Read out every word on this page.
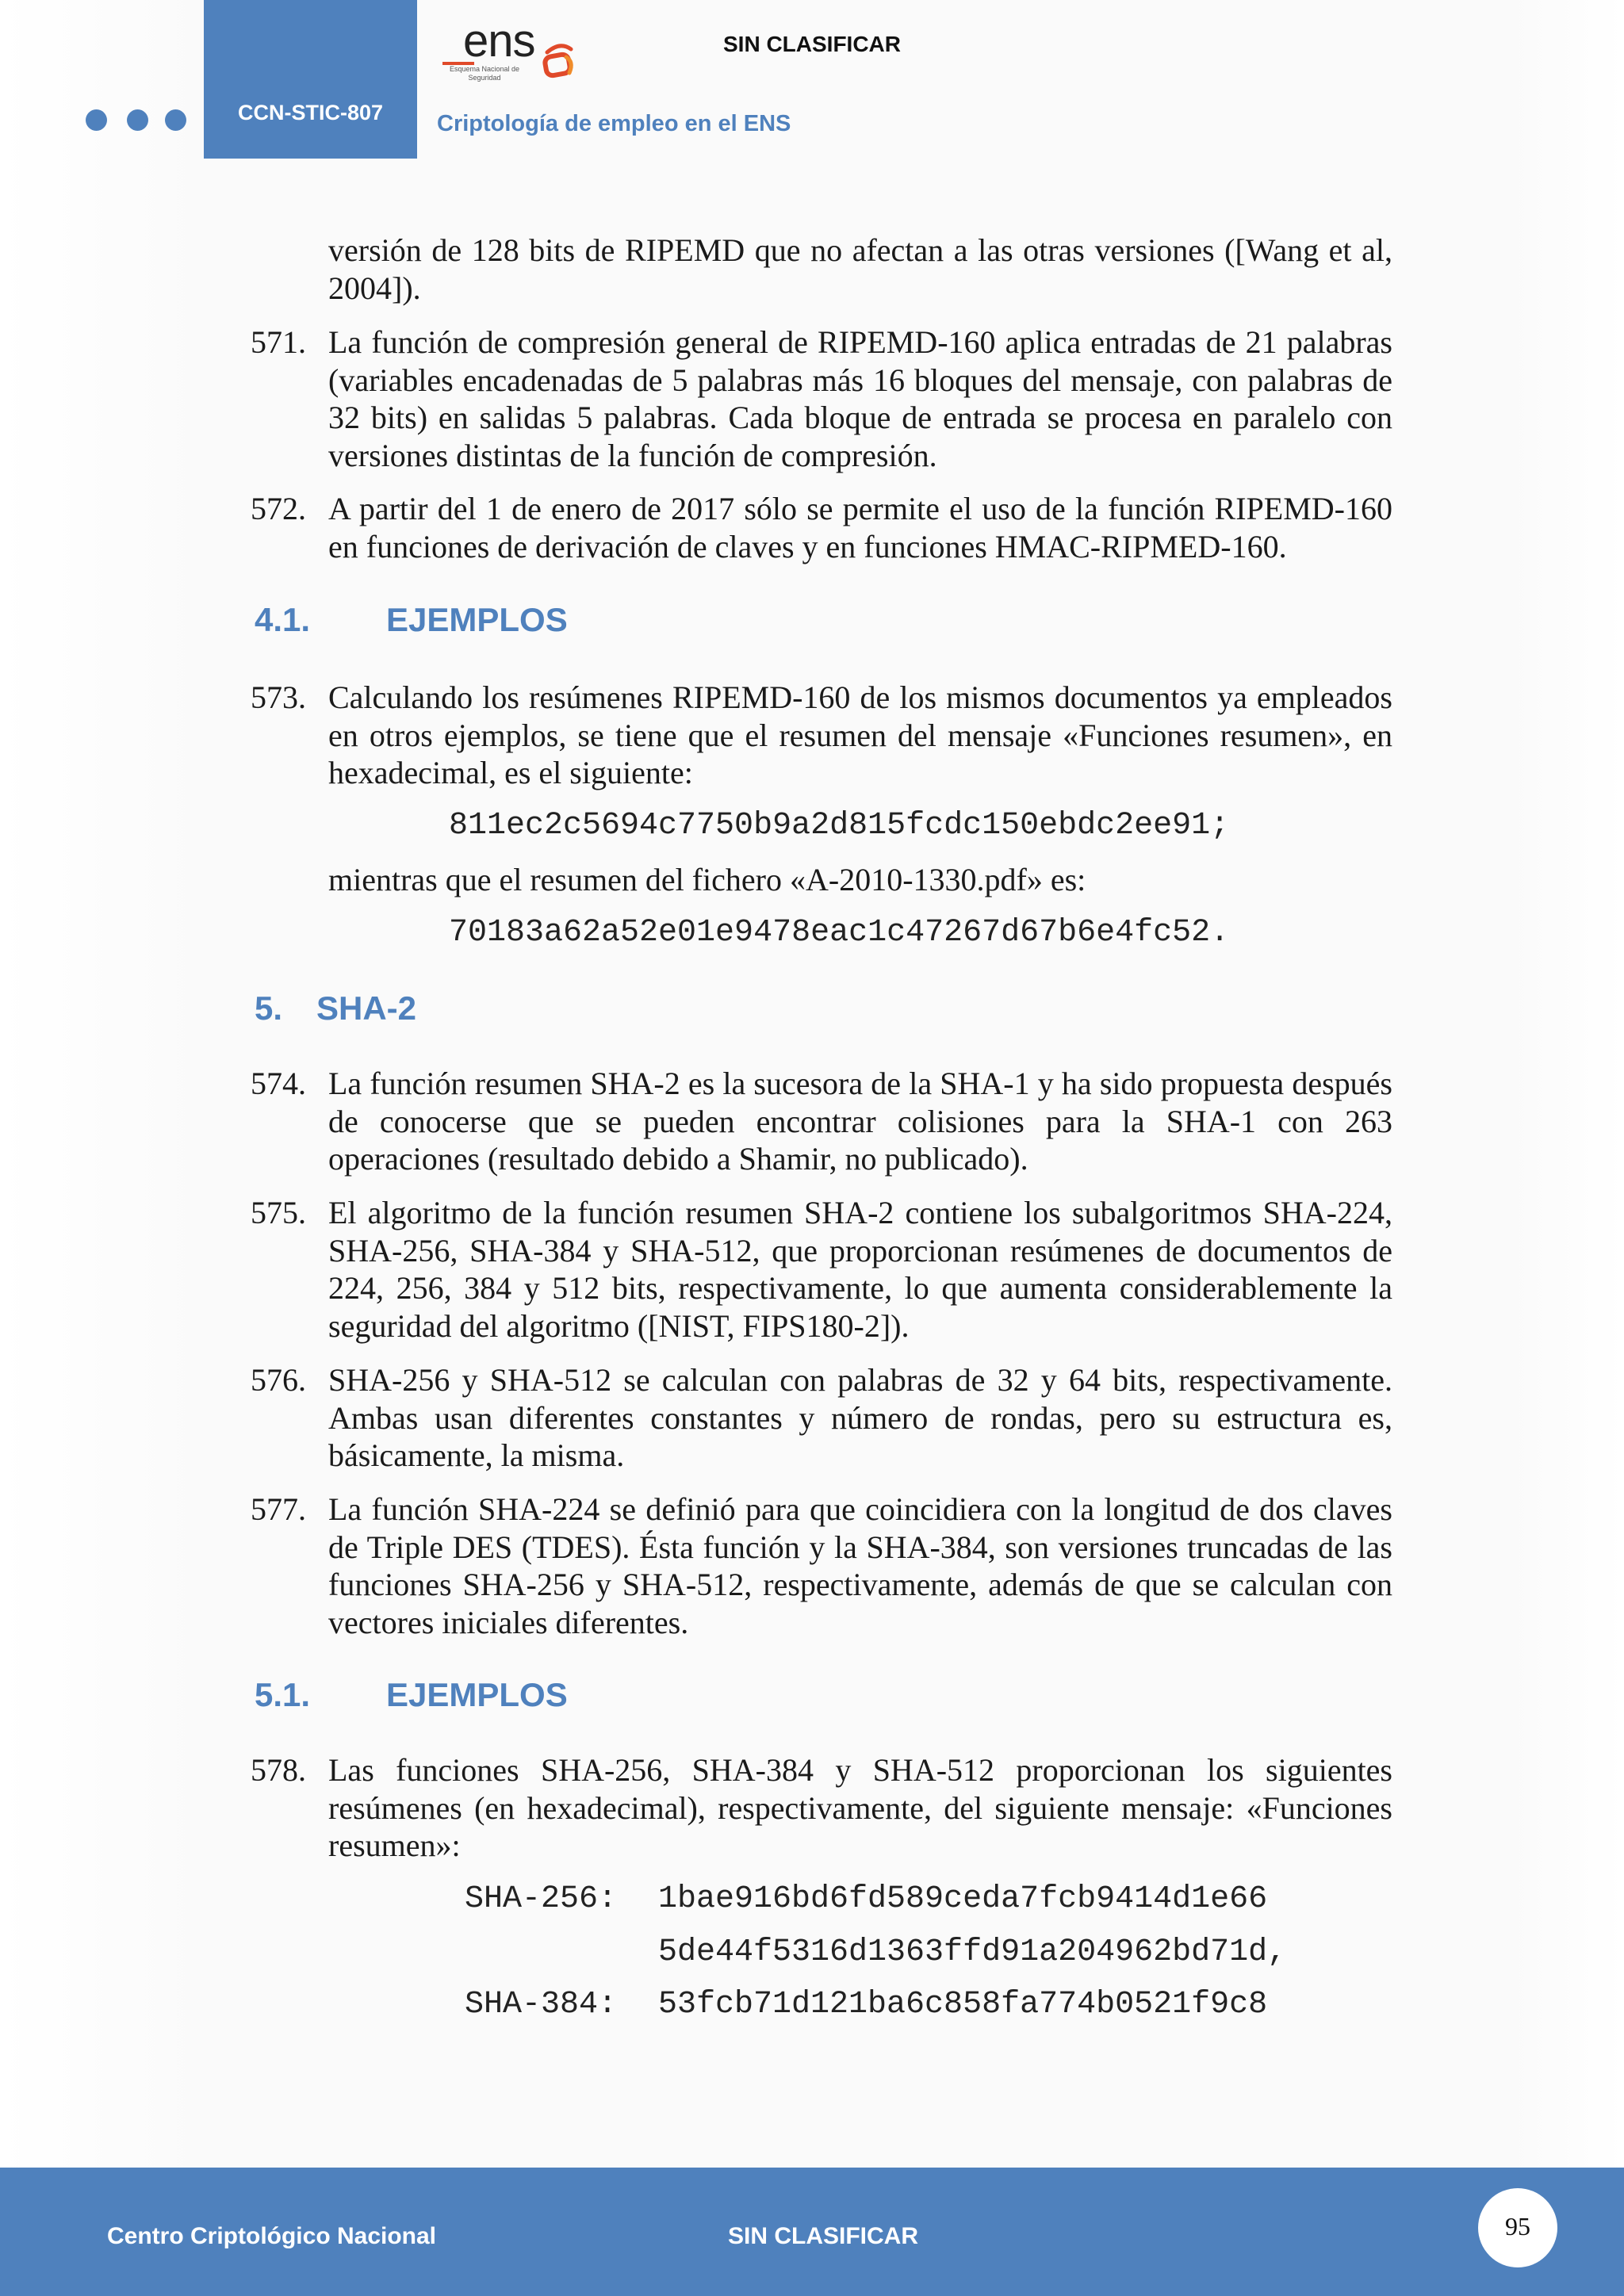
CCN-STIC-807
ens
Esquema Nacional de Seguridad
SIN CLASIFICAR
Criptología de empleo en el ENS
versión de 128 bits de RIPEMD que no afectan a las otras versiones ([Wang et al, 2004]).
571. La función de compresión general de RIPEMD-160 aplica entradas de 21 palabras (variables encadenadas de 5 palabras más 16 bloques del mensaje, con palabras de 32 bits) en salidas 5 palabras. Cada bloque de entrada se procesa en paralelo con versiones distintas de la función de compresión.
572. A partir del 1 de enero de 2017 sólo se permite el uso de la función RIPEMD-160 en funciones de derivación de claves y en funciones HMAC-RIPMED-160.
4.1. EJEMPLOS
573. Calculando los resúmenes RIPEMD-160 de los mismos documentos ya empleados en otros ejemplos, se tiene que el resumen del mensaje «Funciones resumen», en hexadecimal, es el siguiente:
811ec2c5694c7750b9a2d815fcdc150ebdc2ee91;
mientras que el resumen del fichero «A-2010-1330.pdf» es:
70183a62a52e01e9478eac1c47267d67b6e4fc52.
5. SHA-2
574. La función resumen SHA-2 es la sucesora de la SHA-1 y ha sido propuesta después de conocerse que se pueden encontrar colisiones para la SHA-1 con 263 operaciones (resultado debido a Shamir, no publicado).
575. El algoritmo de la función resumen SHA-2 contiene los subalgoritmos SHA-224, SHA-256, SHA-384 y SHA-512, que proporcionan resúmenes de documentos de 224, 256, 384 y 512 bits, respectivamente, lo que aumenta considerablemente la seguridad del algoritmo ([NIST, FIPS180-2]).
576. SHA-256 y SHA-512 se calculan con palabras de 32 y 64 bits, respectivamente. Ambas usan diferentes constantes y número de rondas, pero su estructura es, básicamente, la misma.
577. La función SHA-224 se definió para que coincidiera con la longitud de dos claves de Triple DES (TDES). Ésta función y la SHA-384, son versiones truncadas de las funciones SHA-256 y SHA-512, respectivamente, además de que se calculan con vectores iniciales diferentes.
5.1. EJEMPLOS
578. Las funciones SHA-256, SHA-384 y SHA-512 proporcionan los siguientes resúmenes (en hexadecimal), respectivamente, del siguiente mensaje: «Funciones resumen»:
SHA-256: 1bae916bd6fd589ceda7fcb9414d1e66
5de44f5316d1363ffd91a204962bd71d,
SHA-384: 53fcb71d121ba6c858fa774b0521f9c8
Centro Criptológico Nacional	SIN CLASIFICAR	95
